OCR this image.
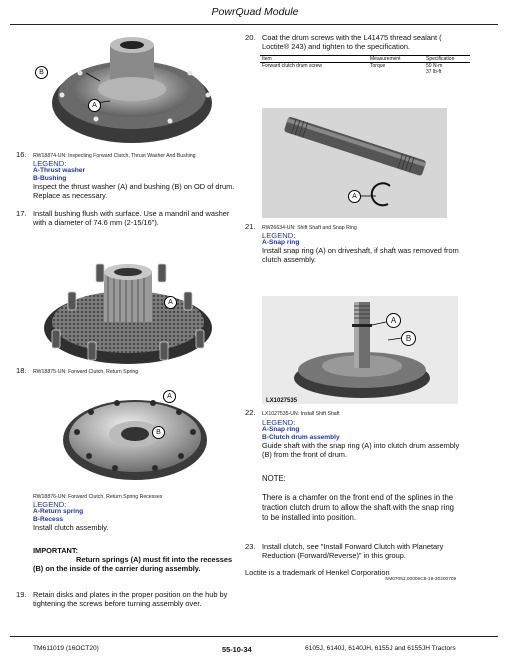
PowrQuad Module
B
A
16. RW18874-UN: Inspecting Forward Clutch, Thrust Washer And Bushing
LEGEND:
A-Thrust washer
B-Bushing
Inspect the thrust washer (A) and bushing (B) on OD of drum.
Replace as necessary.
17. Install bushing flush with surface. Use a mandril and washer
with a diameter of 74.6 mm (2-15/16").
A
18. RW18875-UN: Forward Clutch, Return Spring
A
B
RW18876-UN: Forward Clutch, Return Spring Recesses
LEGEND:
A-Return spring
B-Recess
Install clutch assembly.
IMPORTANT:
Return springs (A) must fit into the recesses
(B) on the inside of the carrier during assembly.
19. Retain disks and plates in the proper position on the hub by
tightening the screws before turning assembly over.
20. Coat the drum screws with the L41475 thread sealant (
Loctite® 243) and tighten to the specification.
Item	Measurement	Specification
Forward clutch drum screw	Torque	50 N·m
		37 lb-ft
A
21. RW26634-UN: Shift Shaft and Snap Ring
LEGEND:
A-Snap ring
Install snap ring (A) on driveshaft, if shaft was removed from
clutch assembly.
LX1027535
A
B
22. LX1027535-UN: Install Shift Shaft
LEGEND:
A-Snap ring
B-Clutch drum assembly
Guide shaft with the snap ring (A) into clutch drum assembly
(B) from the front of drum.
NOTE:
There is a chamfer on the front end of the splines in the
traction clutch drum to allow the shaft with the snap ring
to be installed into position.
23. Install clutch, see "Install Forward Clutch with Planetary
Reduction (Forward/Reverse)" in this group.
Loctite is a trademark of Henkel Corporation
SM07053,00005C8-19-20200709
TM611019 (16OCT20)	55-10-34	6105J, 6140J, 6140JH, 6155J and 6155JH Tractors
